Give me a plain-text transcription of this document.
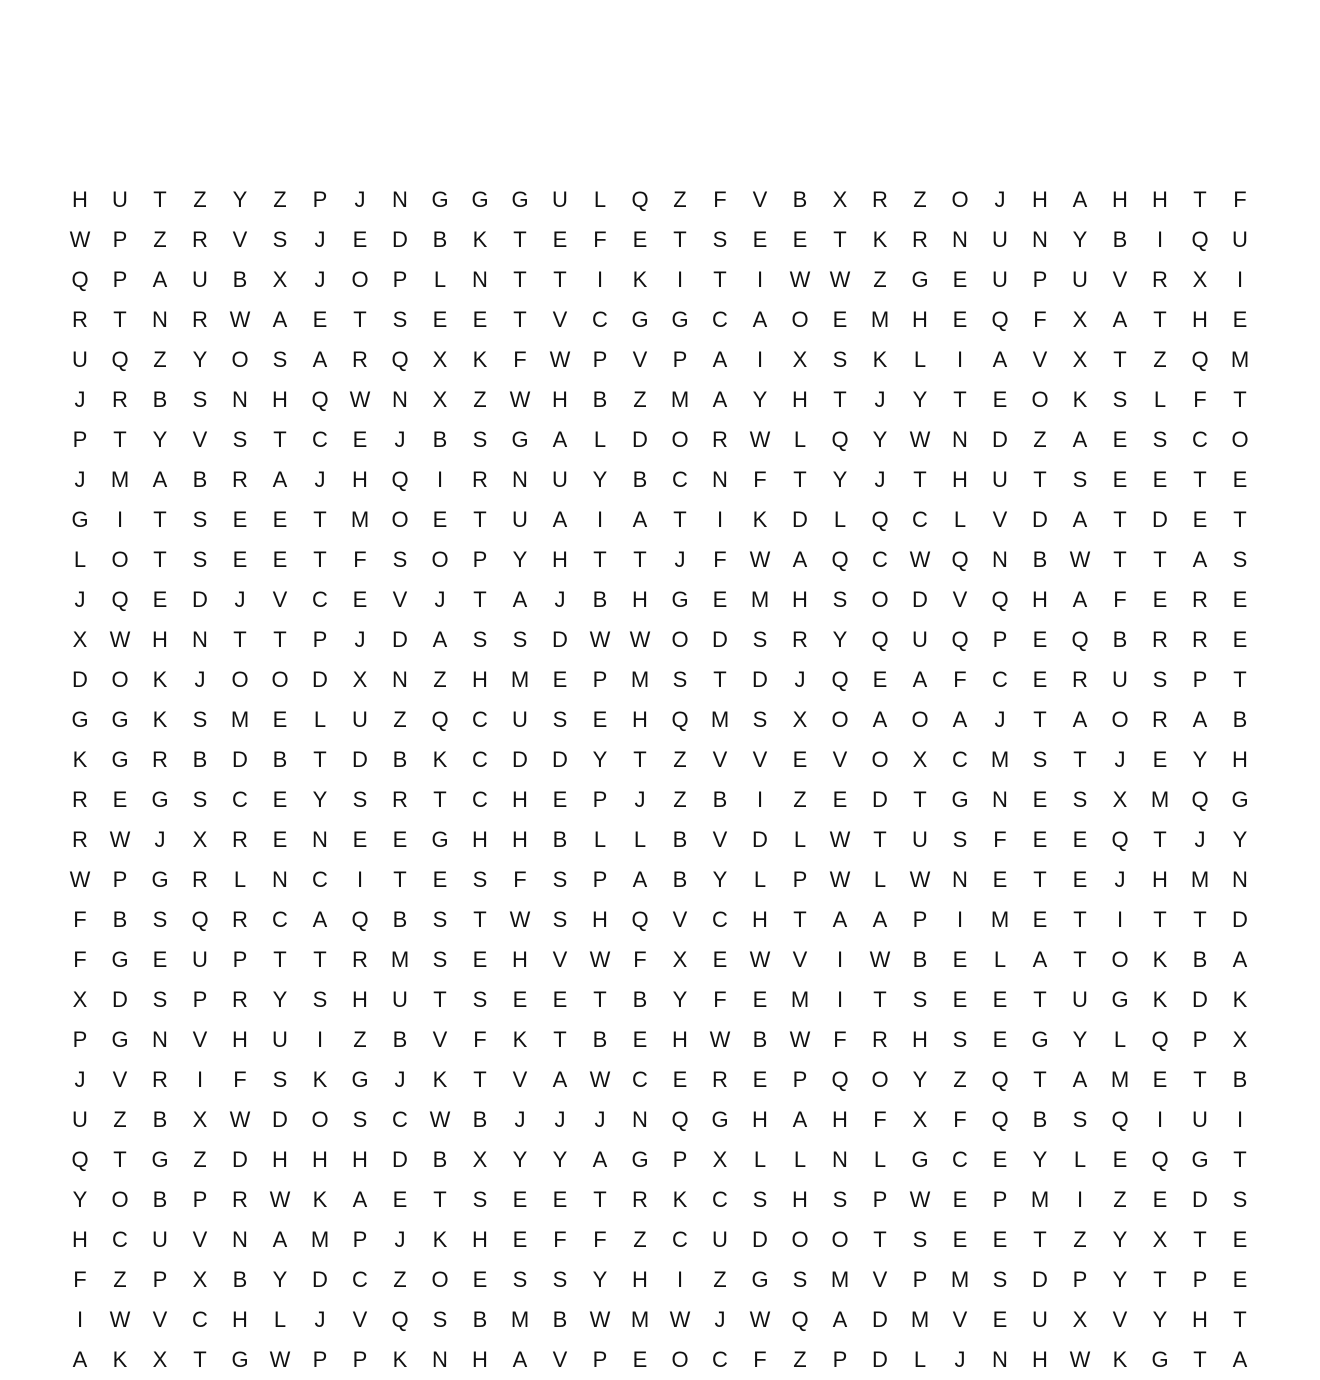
H	U	T	Z	Y	Z	P	J	N	G	G	G	U	L	Q	Z	F	V	B	X	R	Z	O	J	H	A	H	H	T	F
W	P	Z	R	V	S	J	E	D	B	K	T	E	F	E	T	S	E	E	T	K	R	N	U	N	Y	B	I	Q	U
Q	P	A	U	B	X	J	O	P	L	N	T	T	I	K	I	T	I	W W	Z	G	E	U	P	U	V	R	X	I
R	T	N	R W	A	E	T	S	E	E	T	V	C	G	G	C	A	O	E	M	H	E	Q	F	X	A	T	H	E
U	Q	Z	Y	O	S	A	R	Q	X	K	F	W	P	V	P	A	I	X	S	K	L	I	A	V	X	T	Z	Q	M
J	R	B	S	N	H	Q W N	X	Z	W H	B	Z	M	A	Y	H	T	J	Y	T	E	O	K	S	L	F	T
P	T	Y	V	S	T	C	E	J	B	S	G	A	L	D	O	R W	L	Q	Y	W N	D	Z	A	E	S	C	O
J	M	A	B	R	A	J	H	Q	I	R	N	U	Y	B	C	N	F	T	Y	J	T	H	U	T	S	E	E	T	E
G	I	T	S	E	E	T	M	O	E	T	U	A	I	A	T	I	K	D	L	Q	C	L	V	D	A	T	D	E	T
L	O	T	S	E	E	T	F	S	O	P	Y	H	T	T	J	F	W	A	Q	C W Q	N	B	W	T	T	A	S
J	Q	E	D	J	V	C	E	V	J	T	A	J	B	H	G	E	M	H	S	O	D	V	Q	H	A	F	E	R	E
X	W H	N	T	T	P	J	D	A	S	S	D W W O	D	S	R	Y	Q	U	Q	P	E	Q	B	R	R	E
D	O	K	J	O	O	D	X	N	Z	H	M	E	P	M	S	T	D	J	Q	E	A	F	C	E	R	U	S	P	T
G	G	K	S	M	E	L	U	Z	Q	C	U	S	E	H	Q	M	S	X	O	A	O	A	J	T	A	O	R	A	B
K	G	R	B	D	B	T	D	B	K	C	D	D	Y	T	Z	V	V	E	V	O	X	C	M	S	T	J	E	Y	H
R	E	G	S	C	E	Y	S	R	T	C	H	E	P	J	Z	B	I	Z	E	D	T	G	N	E	S	X	M	Q	G
R W	J	X	R	E	N	E	E	G	H	H	B	L	L	B	V	D	L	W	T	U	S	F	E	E	Q	T	J	Y
W	P	G	R	L	N	C	I	T	E	S	F	S	P	A	B	Y	L	P	W	L	W N	E	T	E	J	H	M	N
F	B	S	Q	R	C	A	Q	B	S	T	W	S	H	Q	V	C	H	T	A	A	P	I	M	E	T	I	T	T	D
F	G	E	U	P	T	T	R	M	S	E	H	V	W	F	X	E	W	V	I	W	B	E	L	A	T	O	K	B	A
X	D	S	P	R	Y	S	H	U	T	S	E	E	T	B	Y	F	E	M	I	T	S	E	E	T	U	G	K	D	K
P	G	N	V	H	U	I	Z	B	V	F	K	T	B	E	H W	B	W	F	R	H	S	E	G	Y	L	Q	P	X
J	V	R	I	F	S	K	G	J	K	T	V	A	W C	E	R	E	P	Q	O	Y	Z	Q	T	A	M	E	T	B
U	Z	B	X	W D	O	S	C W	B	J	J	J	N	Q	G	H	A	H	F	X	F	Q	B	S	Q	I	U	I
Q	T	G	Z	D	H	H	H	D	B	X	Y	Y	A	G	P	X	L	L	N	L	G	C	E	Y	L	E	Q	G	T
Y	O	B	P	R W	K	A	E	T	S	E	E	T	R	K	C	S	H	S	P	W	E	P	M	I	Z	E	D	S
H	C	U	V	N	A	M	P	J	K	H	E	F	F	Z	C	U	D	O	O	T	S	E	E	T	Z	Y	X	T	E
F	Z	P	X	B	Y	D	C	Z	O	E	S	S	Y	H	I	Z	G	S	M	V	P	M	S	D	P	Y	T	P	E
I	W	V	C	H	L	J	V	Q	S	B	M	B	W M W	J	W Q	A	D	M	V	E	U	X	V	Y	H	T
A	K	X	T	G W	P	P	K	N	H	A	V	P	E	O	C	F	Z	P	D	L	J	N	H W	K	G	T	A
